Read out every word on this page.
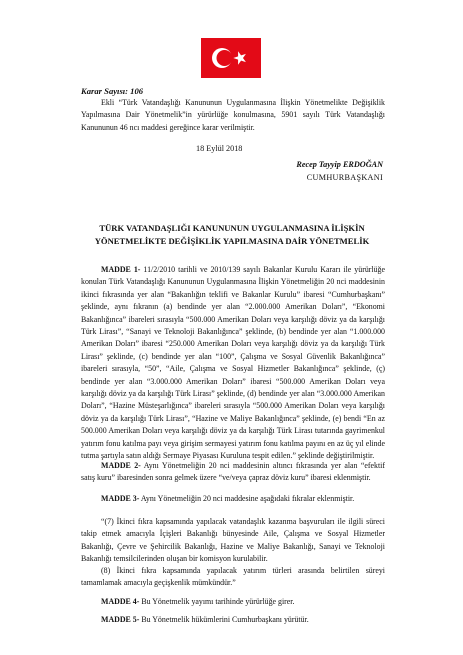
Karar Sayısı: 106

Ekli “Türk Vatandaşlığı Kanununun Uygulanmasına İlişkin Yönetmelikte Değişiklik Yapılmasına Dair Yönetmelik”in yürürlüğe konulmasına, 5901 sayılı Türk Vatandaşlığı Kanununun 46 ncı maddesi gereğince karar verilmiştir.

18 Eylül 2018
Recep Tayyip ERDOĞAN
CUMHURBAŞKANI
TÜRK VATANDAŞLIĞI KANUNUNUN UYGULANMASINA İLİŞKİN YÖNETMELİKTE DEĞİŞİKLİK YAPILMASINA DAİR YÖNETMELİK

MADDE 1- 11/2/2010 tarihli ve 2010/139 sayılı Bakanlar Kurulu Kararı ile yürürlüğe konulan Türk Vatandaşlığı Kanununun Uygulanmasına İlişkin Yönetmeliğin 20 nci maddesinin ikinci fıkrasında yer alan “Bakanlığın teklifi ve Bakanlar Kurulu” ibaresi “Cumhurbaşkanı” şeklinde, aynı fıkranın (a) bendinde yer alan “2.000.000 Amerikan Doları”, “Ekonomi Bakanlığınca” ibareleri sırasıyla “500.000 Amerikan Doları veya karşılığı döviz ya da karşılığı Türk Lirası”, “Sanayi ve Teknoloji Bakanlığınca” şeklinde, (b) bendinde yer alan “1.000.000 Amerikan Doları” ibaresi “250.000 Amerikan Doları veya karşılığı döviz ya da karşılığı Türk Lirası” şeklinde, (c) bendinde yer alan “100”, Çalışma ve Sosyal Güvenlik Bakanlığınca” ibareleri sırasıyla, “50”, “Aile, Çalışma ve Sosyal Hizmetler Bakanlığınca” şeklinde, (ç) bendinde yer alan “3.000.000 Amerikan Doları” ibaresi “500.000 Amerikan Doları veya karşılığı döviz ya da karşılığı Türk Lirası” şeklinde, (d) bendinde yer alan “3.000.000 Amerikan Doları”, “Hazine Müsteşarlığınca” ibareleri sırasıyla “500.000 Amerikan Doları veya karşılığı döviz ya da karşılığı Türk Lirası”, “Hazine ve Maliye Bakanlığınca” şeklinde, (e) bendi “En az 500.000 Amerikan Doları veya karşılığı döviz ya da karşılığı Türk Lirası tutarında gayrimenkul yatırım fonu katılma payı veya girişim sermayesi yatırım fonu katılma payını en az üç yıl elinde tutma şartıyla satın aldığı Sermaye Piyasası Kuruluna tespit edilen.” şeklinde değiştirilmiştir.

MADDE 2- Aynı Yönetmeliğin 20 nci maddesinin altıncı fıkrasında yer alan “efektif satış kuru” ibaresinden sonra gelmek üzere “ve/veya çapraz döviz kuru” ibaresi eklenmiştir.

MADDE 3- Aynı Yönetmeliğin 20 nci maddesine aşağıdaki fıkralar eklenmiştir.

“(7) İkinci fıkra kapsamında yapılacak vatandaşlık kazanma başvuruları ile ilgili süreci takip etmek amacıyla İçişleri Bakanlığı bünyesinde Aile, Çalışma ve Sosyal Hizmetler Bakanlığı, Çevre ve Şehircilik Bakanlığı, Hazine ve Maliye Bakanlığı, Sanayi ve Teknoloji Bakanlığı temsilcilerinden oluşan bir komisyon kurulabilir.

(8) İkinci fıkra kapsamında yapılacak yatırım türleri arasında belirtilen süreyi tamamlamak amacıyla geçişkenlik mümkündür.”

MADDE 4- Bu Yönetmelik yayımı tarihinde yürürlüğe girer.

MADDE 5- Bu Yönetmelik hükümlerini Cumhurbaşkanı yürütür.
